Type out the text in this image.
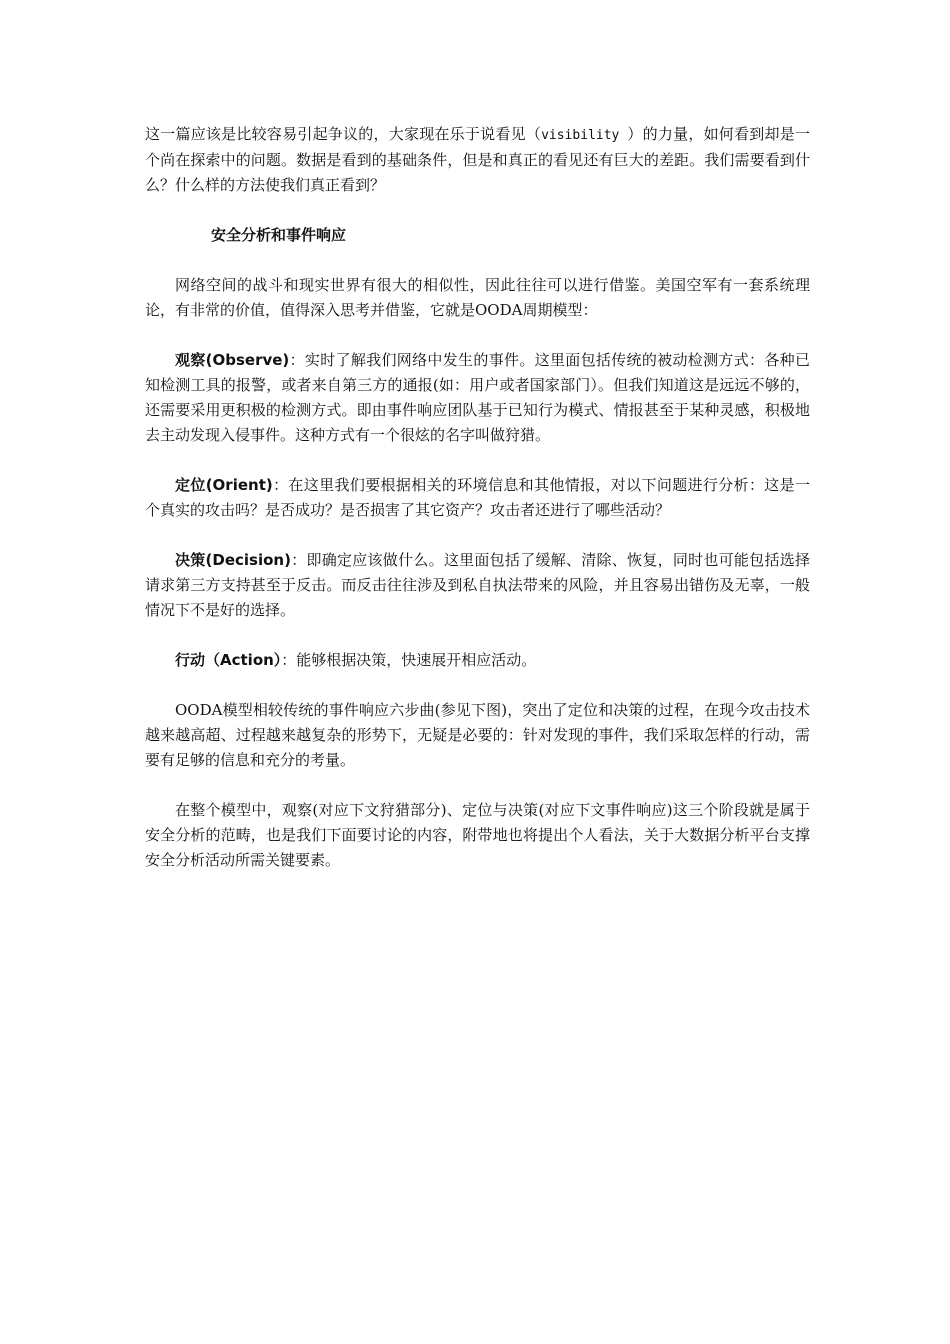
这一篇应该是比较容易引起争议的，大家现在乐于说看见（visibility ）的力量，如何看到却是一个尚在探索中的问题。数据是看到的基础条件，但是和真正的看见还有巨大的差距。我们需要看到什么？什么样的方法使我们真正看到？

安全分析和事件响应

网络空间的战斗和现实世界有很大的相似性，因此往往可以进行借鉴。美国空军有一套系统理论，有非常的价值，值得深入思考并借鉴，它就是OODA周期模型：

观察(Observe)：实时了解我们网络中发生的事件。这里面包括传统的被动检测方式：各种已知检测工具的报警，或者来自第三方的通报(如：用户或者国家部门）。但我们知道这是远远不够的，还需要采用更积极的检测方式。即由事件响应团队基于已知行为模式、情报甚至于某种灵感，积极地去主动发现入侵事件。这种方式有一个很炫的名字叫做狩猎。

定位(Orient)：在这里我们要根据相关的环境信息和其他情报，对以下问题进行分析：这是一个真实的攻击吗？是否成功？是否损害了其它资产？攻击者还进行了哪些活动？

决策(Decision)：即确定应该做什么。这里面包括了缓解、清除、恢复，同时也可能包括选择请求第三方支持甚至于反击。而反击往往涉及到私自执法带来的风险，并且容易出错伤及无辜，一般情况下不是好的选择。

行动（Action）：能够根据决策，快速展开相应活动。

OODA模型相较传统的事件响应六步曲(参见下图)，突出了定位和决策的过程，在现今攻击技术越来越高超、过程越来越复杂的形势下，无疑是必要的：针对发现的事件，我们采取怎样的行动，需要有足够的信息和充分的考量。

在整个模型中，观察(对应下文狩猎部分)、定位与决策(对应下文事件响应)这三个阶段就是属于安全分析的范畴，也是我们下面要讨论的内容，附带地也将提出个人看法，关于大数据分析平台支撑安全分析活动所需关键要素。
